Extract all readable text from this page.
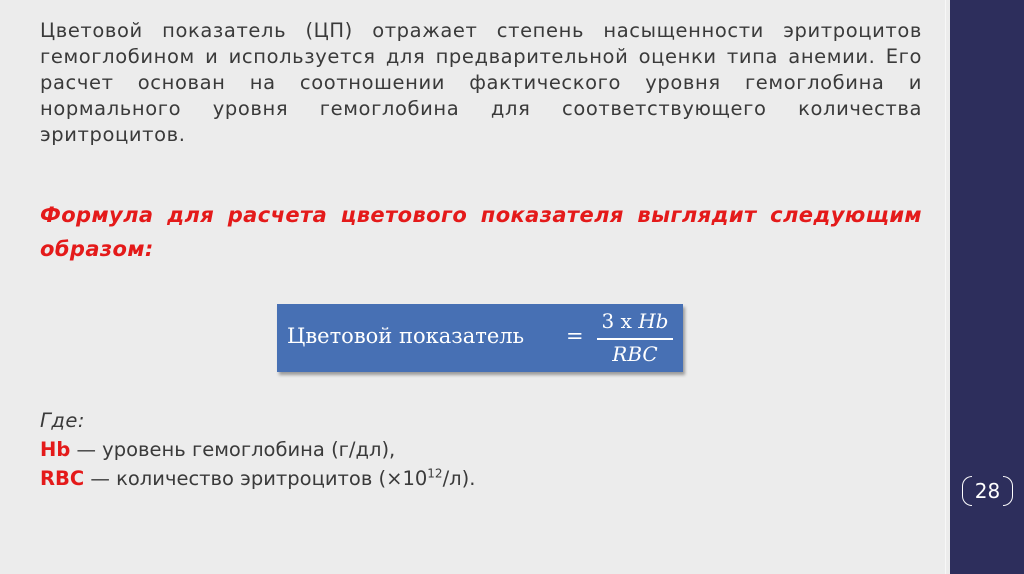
Цветовой показатель (ЦП) отражает степень насыщенности эритроцитов гемоглобином и используется для предварительной оценки типа анемии. Его расчет основан на соотношении фактического уровня гемоглобина и нормального уровня гемоглобина для соответствующего количества эритроцитов.

Формула для расчета цветового показателя выглядит следующим образом:

Цветовой показатель =
3 x Hb
RBC
Где:
Hb — уровень гемоглобина (г/дл),
RBC — количество эритроцитов $(\times 10^{12}/л)$.
28
